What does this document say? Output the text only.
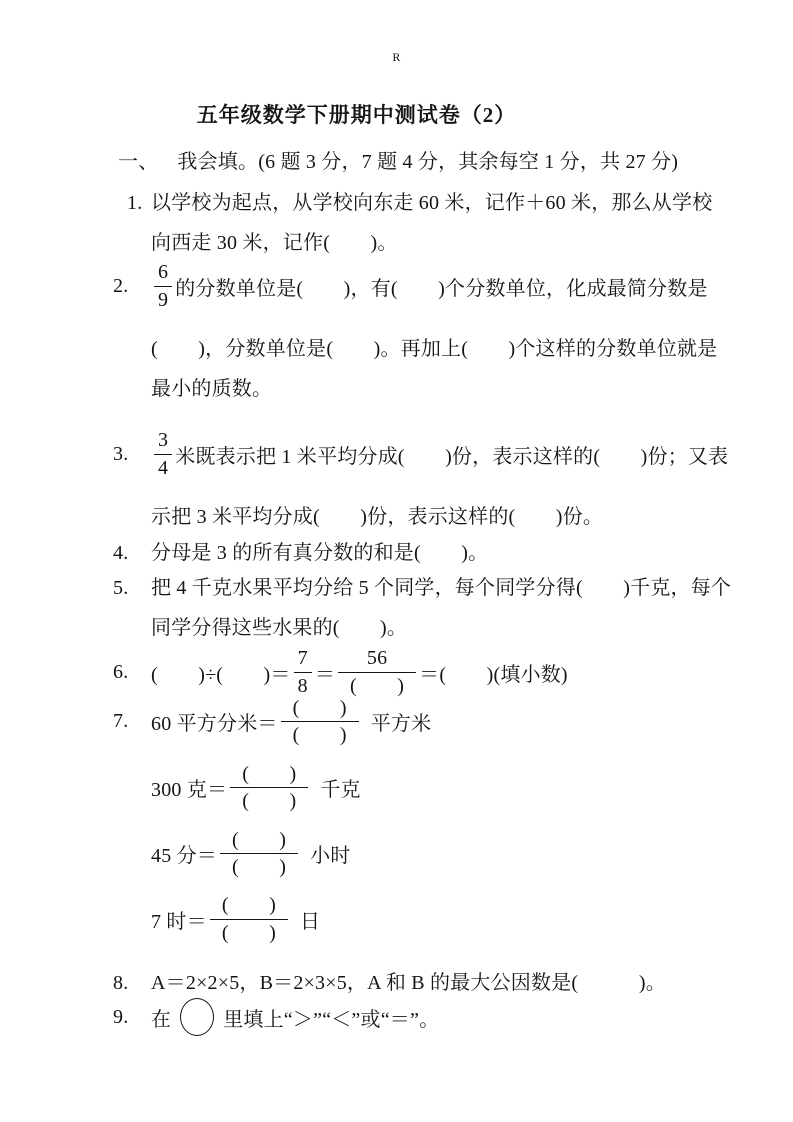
R
五年级数学下册期中测试卷（2）
一、 我会填。(6 题 3 分，7 题 4 分，其余每空 1 分，共 27 分)
1. 以学校为起点，从学校向东走 60 米，记作＋60 米，那么从学校
向西走 30 米，记作(　　)。
2.	$\frac{6}{9}$ 的分数单位是(　　)，有(　　)个分数单位，化成最简分数是
(　　)，分数单位是(　　)。再加上(　　)个这样的分数单位就是
最小的质数。
3.	$\frac{3}{4}$ 米既表示把 1 米平均分成(　　)份，表示这样的(　　)份；又表
示把 3 米平均分成(　　)份，表示这样的(　　)份。
4.	分母是 3 的所有真分数的和是(　　)。
5.	把 4 千克水果平均分给 5 个同学，每个同学分得(　　)千克，每个
同学分得这些水果的(　　)。
6.	(　　)÷(　　)＝ $\frac{7}{8} = \frac{56}{( )}$ ＝(　　)(填小数)
7.	60 平方分米＝ $\frac{( )}{( )}$ 平方米
300 克＝ $\frac{( )}{( )}$ 千克
45 分＝ $\frac{( )}{( )}$ 小时
7 时＝ $\frac{( )}{( )}$ 日
8.	A＝2×2×5，B＝2×3×5，A 和 B 的最大公因数是(　　　)。
9.	在	里填上“＞”“＜”或“＝”。
